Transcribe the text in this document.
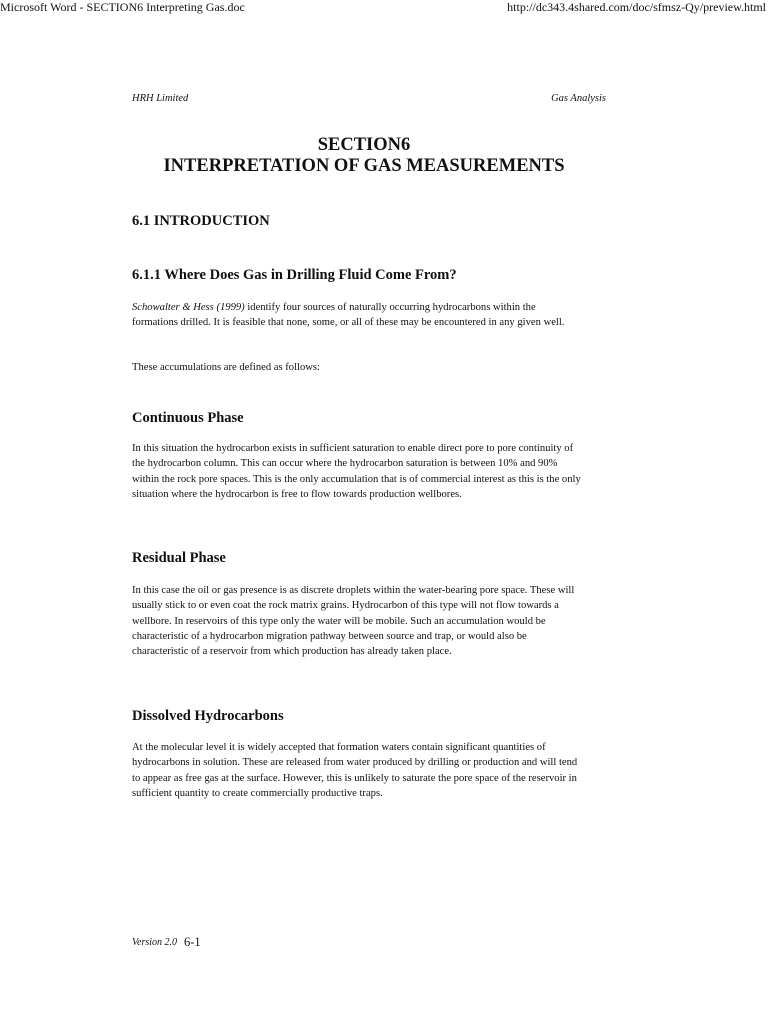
Microsoft Word - SECTION6 Interpreting Gas.doc	http://dc343.4shared.com/doc/sfmsz-Qy/preview.html
HRH Limited	Gas Analysis
SECTION6
INTERPRETATION OF GAS MEASUREMENTS
6.1 INTRODUCTION
6.1.1 Where Does Gas in Drilling Fluid Come From?

Schowalter & Hess (1999) identify four sources of naturally occurring hydrocarbons within the formations drilled. It is feasible that none, some, or all of these may be encountered in any given well.

These accumulations are defined as follows:

Continuous Phase

In this situation the hydrocarbon exists in sufficient saturation to enable direct pore to pore continuity of the hydrocarbon column. This can occur where the hydrocarbon saturation is between 10% and 90% within the rock pore spaces. This is the only accumulation that is of commercial interest as this is the only situation where the hydrocarbon is free to flow towards production wellbores.

Residual Phase

In this case the oil or gas presence is as discrete droplets within the water-bearing pore space. These will usually stick to or even coat the rock matrix grains. Hydrocarbon of this type will not flow towards a wellbore. In reservoirs of this type only the water will be mobile. Such an accumulation would be characteristic of a hydrocarbon migration pathway between source and trap, or would also be characteristic of a reservoir from which production has already taken place.

Dissolved Hydrocarbons

At the molecular level it is widely accepted that formation waters contain significant quantities of hydrocarbons in solution. These are released from water produced by drilling or production and will tend to appear as free gas at the surface. However, this is unlikely to saturate the pore space of the reservoir in sufficient quantity to create commercially productive traps.

Version 2.0 6-1
